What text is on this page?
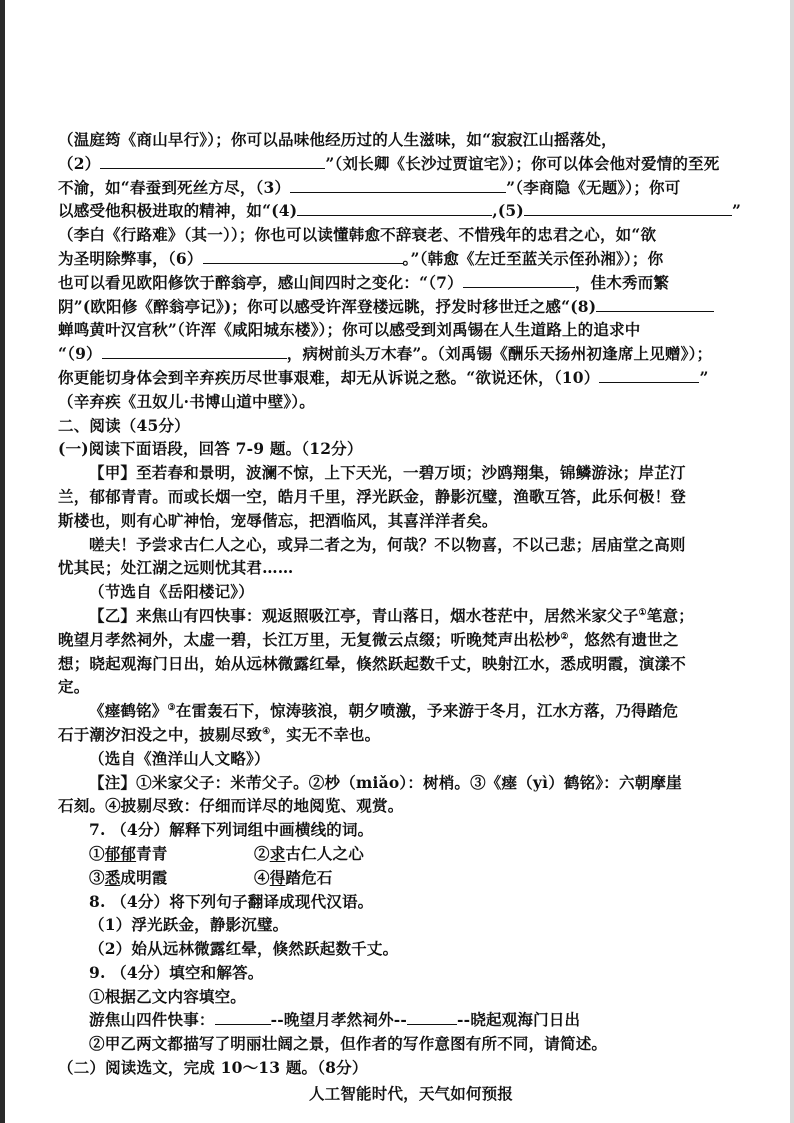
（温庭筠《商山早行》）；你可以品味他经历过的人生滋味，如“寂寂江山摇落处，
（2）	”（刘长卿《长沙过贾谊宅》）；你可以体会他对爱情的至死
不渝，如“春蚕到死丝方尽，（3）	”（李商隐《无题》）；你可
以感受他积极进取的精神，如“(4)	,(5)	”
（李白《行路难》（其一））；你也可以读懂韩愈不辞衰老、不惜残年的忠君之心，如“欲
为圣明除弊事，（6）	。”（韩愈《左迁至蓝关示侄孙湘》）；你
也可以看见欧阳修饮于醉翁亭，感山间四时之变化：“（7）	，佳木秀而繁
阴”(欧阳修《醉翁亭记》)；你可以感受许浑登楼远眺，抒发时移世迁之感“(8)
蝉鸣黄叶汉宫秋”（许浑《咸阳城东楼》）；你可以感受到刘禹锡在人生道路上的追求中
“（9）	，病树前头万木春”。（刘禹锡《酬乐天扬州初逢席上见赠》）；
你更能切身体会到辛弃疾历尽世事艰难，却无从诉说之愁。“欲说还休，（10）	”
（辛弃疾《丑奴儿·书博山道中壁》）。
二、阅读（45分）
(一)阅读下面语段，回答 7-9 题。（12分）
【甲】至若春和景明，波澜不惊，上下天光，一碧万顷；沙鸥翔集，锦鳞游泳；岸芷汀
兰，郁郁青青。而或长烟一空，皓月千里，浮光跃金，静影沉璧，渔歌互答，此乐何极！登
斯楼也，则有心旷神怡，宠辱偕忘，把酒临风，其喜洋洋者矣。
嗟夫！予尝求古仁人之心，或异二者之为，何哉？不以物喜，不以己悲；居庙堂之高则
忧其民；处江湖之远则忧其君……
（节选自《岳阳楼记》）
【乙】来焦山有四快事：观返照吸江亭，青山落日，烟水苍茫中，居然米家父子①笔意；
晚望月孝然祠外，太虚一碧，长江万里，无复微云点缀；听晚梵声出松杪②，悠然有遗世之
想；晓起观海门日出，始从远林微露红晕，倏然跃起数千丈，映射江水，悉成明霞，演漾不
定。
《瘗鹤铭》③在雷轰石下，惊涛骇浪，朝夕喷激，予来游于冬月，江水方落，乃得踏危
石于潮汐汩没之中，披剔尽致④，实无不幸也。
（选自《渔洋山人文略》）
【注】①米家父子：米芾父子。②杪（miǎo）：树梢。③《瘗（yì）鹤铭》：六朝摩崖
石刻。④披剔尽致：仔细而详尽的地阅览、观赏。
7. （4分）解释下列词组中画横线的词。
①郁郁青青	②求古仁人之心
③悉成明霞	④得踏危石
8. （4分）将下列句子翻译成现代汉语。
（1）浮光跃金，静影沉璧。
（2）始从远林微露红晕，倏然跃起数千丈。
9. （4分）填空和解答。
①根据乙文内容填空。
游焦山四件快事：	--晚望月孝然祠外--	--晓起观海门日出
②甲乙两文都描写了明丽壮阔之景，但作者的写作意图有所不同，请简述。
（二）阅读选文，完成 10～13 题。（8分）
人工智能时代，天气如何预报
